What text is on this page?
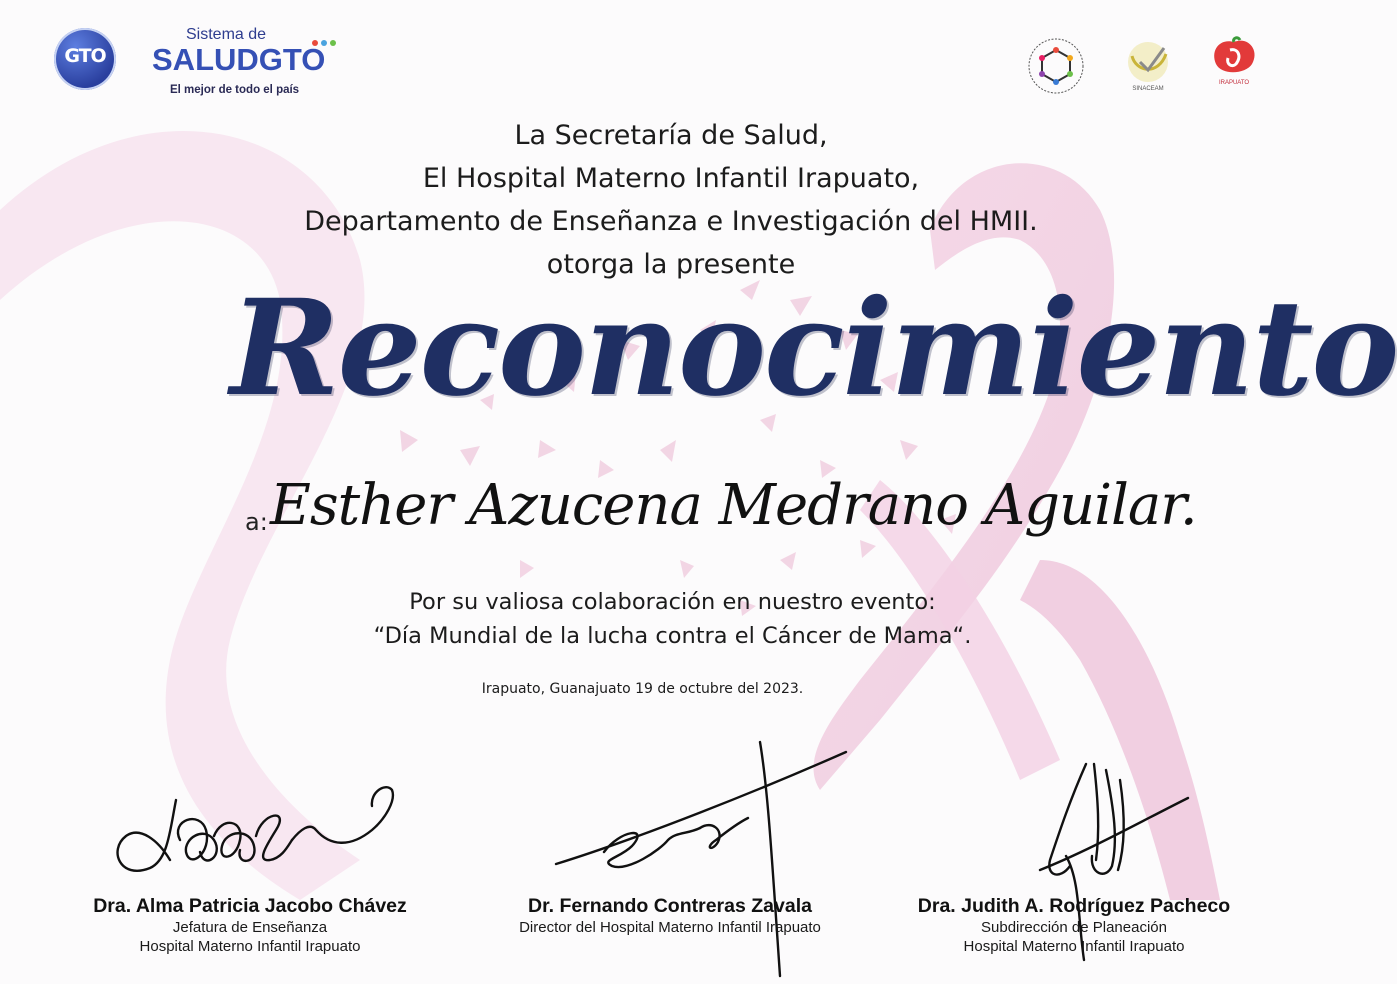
GTO

Sistema de
SALUDGTO
El mejor de todo el país	SINACEAM
IRAPUATO
La Secretaría de Salud,
El Hospital Materno Infantil Irapuato,
Departamento de Enseñanza e Investigación del HMII.
otorga la presente
Reconocimiento
a: Esther Azucena Medrano Aguilar.
Por su valiosa colaboración en nuestro evento:
“Día Mundial de la lucha contra el Cáncer de Mama“.
Irapuato, Guanajuato 19 de octubre del 2023.
Dra. Alma Patricia Jacobo Chávez
Jefatura de Enseñanza
Hospital Materno Infantil Irapuato
Dr. Fernando Contreras Zavala
Director del Hospital Materno Infantil Irapuato
Dra. Judith A. Rodríguez Pacheco
Subdirección de Planeación
Hospital Materno Infantil Irapuato
